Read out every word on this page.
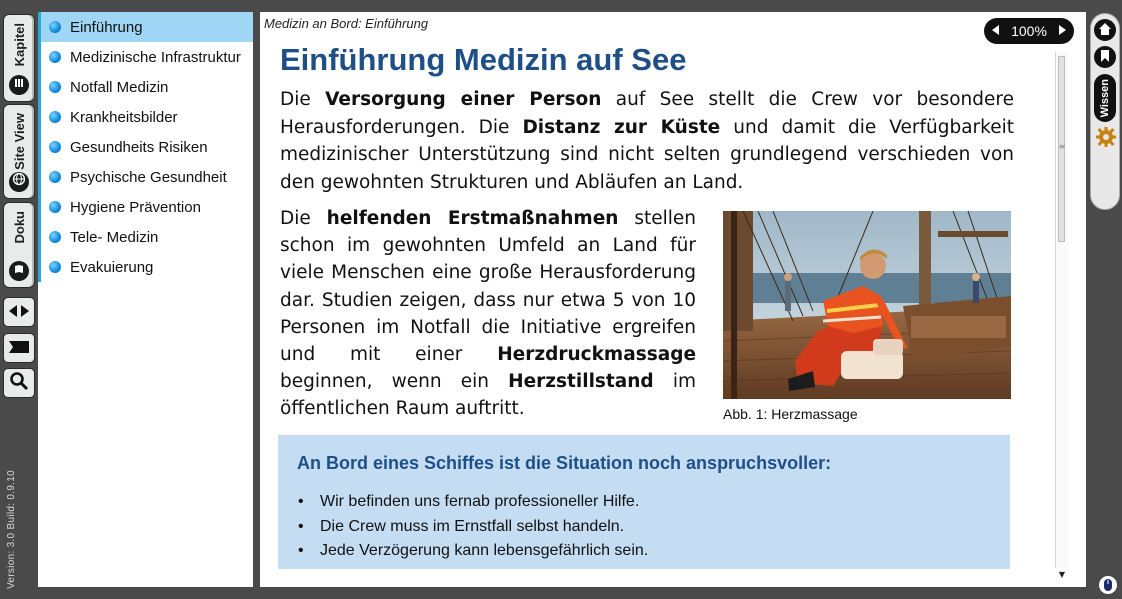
Kapitel
Site View
Doku
Version: 3.0 Build: 0.9.10
Einführung
Medizinische Infrastruktur
Notfall Medizin
Krankheitsbilder
Gesundheits Risiken
Psychische Gesundheit
Hygiene Prävention
Tele- Medizin
Evakuierung
Medizin an Bord: Einführung	100%
Einführung Medizin auf See

Die Versorgung einer Person auf See stellt die Crew vor besondere Herausforderungen. Die Distanz zur Küste und damit die Verfügbarkeit medizinischer Unterstützung sind nicht selten grundlegend verschieden von den gewohnten Strukturen und Abläufen an Land.

Die helfenden Erstmaßnahmen stellen schon im gewohnten Umfeld an Land für viele Menschen eine große Herausforderung dar. Studien zeigen, dass nur etwa 5 von 10 Personen im Notfall die Initiative ergreifen und mit einer Herzdruckmassage beginnen, wenn ein Herzstillstand im öffentlichen Raum auftritt.	Abb. 1: Herzmassage
An Bord eines Schiffes ist die Situation noch anspruchsvoller:
• Wir befinden uns fernab professioneller Hilfe.
• Die Crew muss im Ernstfall selbst handeln.
• Jede Verzögerung kann lebensgefährlich sein.
≡
▼
Wissen
